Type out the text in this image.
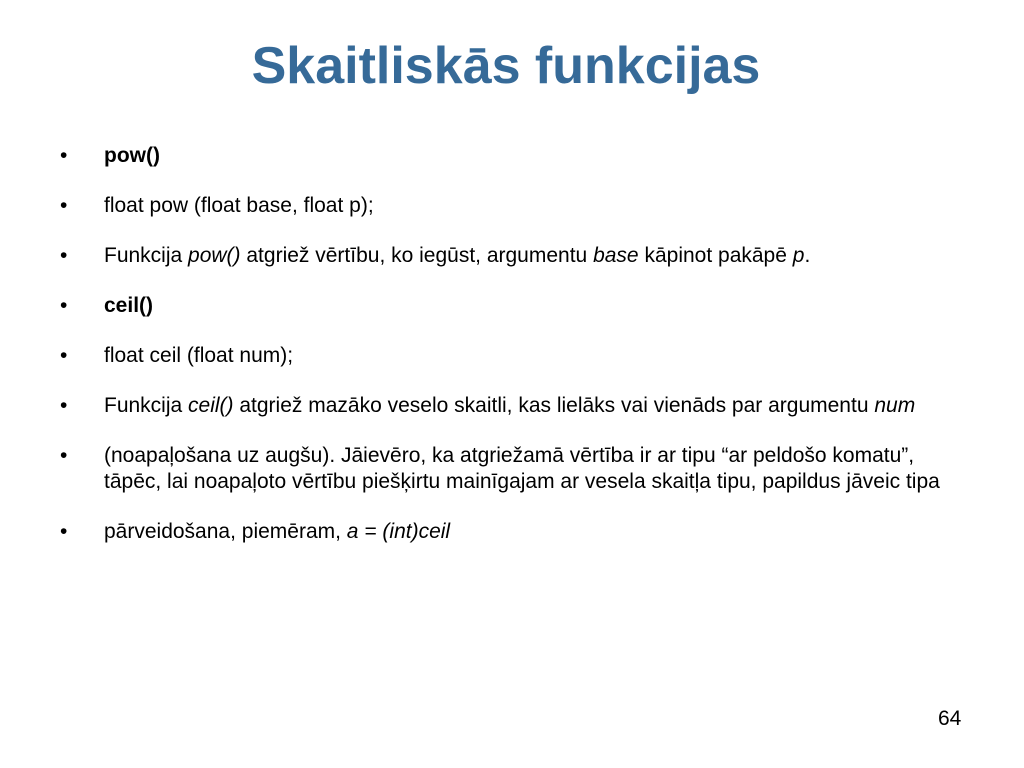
Skaitliskās funkcijas
•	pow()
•	float pow (float base, float p);
•	Funkcija pow() atgriež vērtību, ko iegūst, argumentu base kāpinot pakāpē p.
•	ceil()
•	float ceil (float num);
•	Funkcija ceil() atgriež mazāko veselo skaitli, kas lielāks vai vienāds par argumentu num
•	(noapaļošana uz augšu). Jāievēro, ka atgriežamā vērtība ir ar tipu “ar peldošo komatu”, tāpēc, lai noapaļoto vērtību piešķirtu mainīgajam ar vesela skaitļa tipu, papildus jāveic tipa
•	pārveidošana, piemēram, a = (int)ceil
64
